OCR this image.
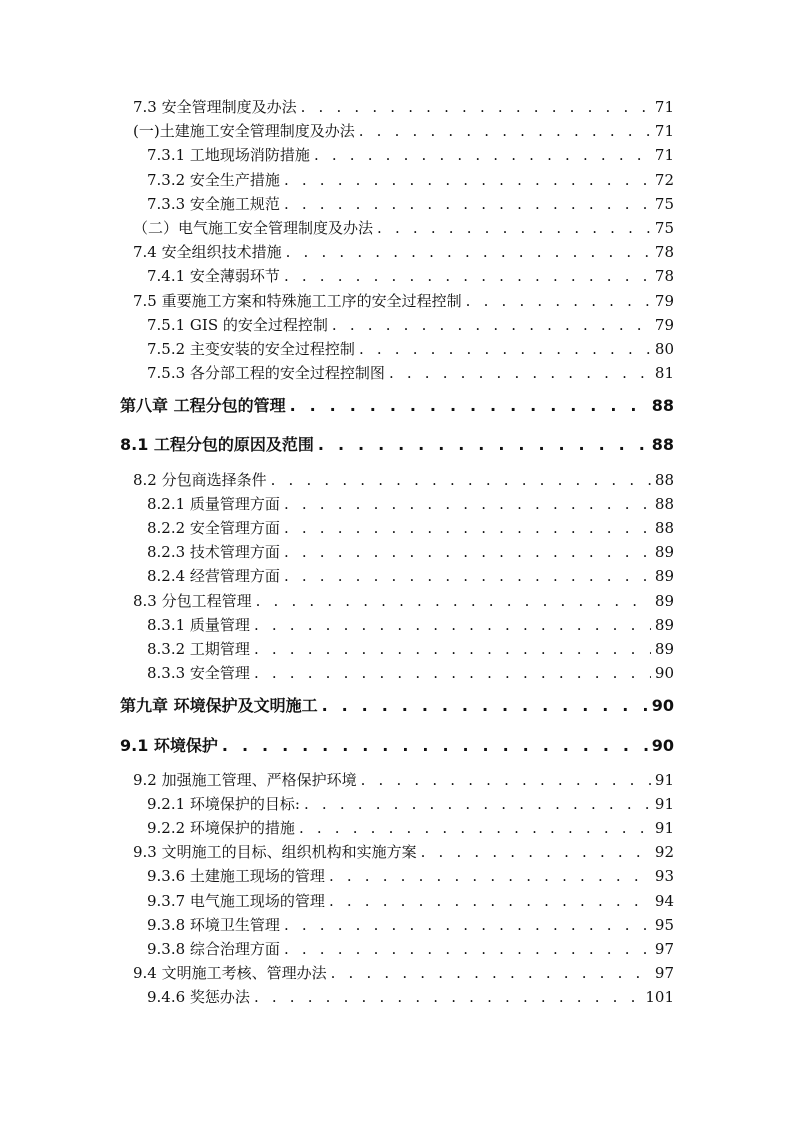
7.3 安全管理制度及办法 . . .	71
(一)土建施工安全管理制度及办法 . . .	71
7.3.1 工地现场消防措施 . . .	71
7.3.2 安全生产措施 . . .	72
7.3.3 安全施工规范 . . .	75
（二）电气施工安全管理制度及办法 . . .	75
7.4 安全组织技术措施 . . .	78
7.4.1 安全薄弱环节 . . .	78
7.5 重要施工方案和特殊施工工序的安全过程控制 . . .	79
7.5.1 GIS 的安全过程控制 . . .	79
7.5.2 主变安装的安全过程控制 . . .	80
7.5.3 各分部工程的安全过程控制图 . . .	81
第八章 工程分包的管理 . . .	88
8.1 工程分包的原因及范围 . . .	88
8.2 分包商选择条件 . . .	88
8.2.1 质量管理方面 . . .	88
8.2.2 安全管理方面 . . .	88
8.2.3 技术管理方面 . . .	89
8.2.4 经营管理方面 . . .	89
8.3 分包工程管理 . . .	89
8.3.1 质量管理 . . .	89
8.3.2 工期管理 . . .	89
8.3.3 安全管理 . . .	90
第九章 环境保护及文明施工 . . .	90
9.1 环境保护 . . .	90
9.2 加强施工管理、严格保护环境 . . .	91
9.2.1 环境保护的目标: . . .	91
9.2.2 环境保护的措施 . . .	91
9.3 文明施工的目标、组织机构和实施方案 . . .	92
9.3.6 土建施工现场的管理 . . .	93
9.3.7 电气施工现场的管理 . . .	94
9.3.8 环境卫生管理 . . .	95
9.3.8 综合治理方面 . . .	97
9.4 文明施工考核、管理办法 . . .	97
9.4.6 奖惩办法 . . .	101
